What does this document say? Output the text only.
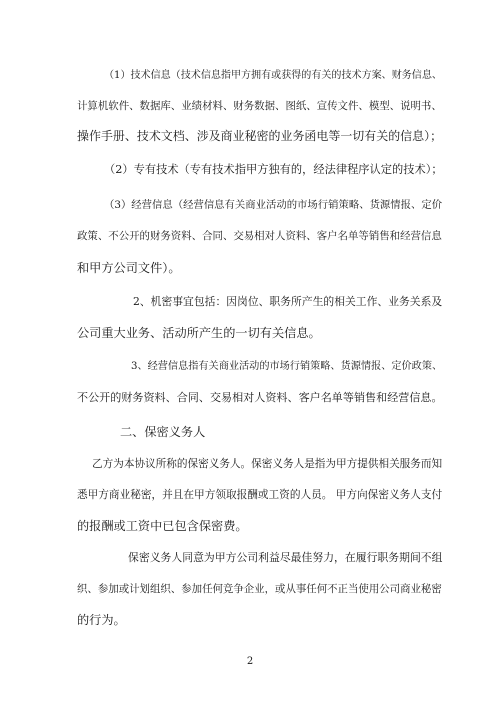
（1）技术信息（技术信息指甲方拥有或获得的有关的技术方案、财务信息、
计算机软件、数据库、业绩材料、财务数据、图纸、宣传文件、模型、说明书、
操作手册、技术文档、涉及商业秘密的业务函电等一切有关的信息）；
（2）专有技术（专有技术指甲方独有的，经法律程序认定的技术）；
（3）经营信息（经营信息有关商业活动的市场行销策略、货源情报、定价
政策、不公开的财务资料、合同、交易相对人资料、客户名单等销售和经营信息
和甲方公司文件）。
2、机密事宜包括：因岗位、职务所产生的相关工作、业务关系及
公司重大业务、活动所产生的一切有关信息。
3、经营信息指有关商业活动的市场行销策略、货源情报、定价政策、
不公开的财务资料、合同、交易相对人资料、客户名单等销售和经营信息。
二、保密义务人
乙方为本协议所称的保密义务人。保密义务人是指为甲方提供相关服务而知
悉甲方商业秘密，并且在甲方领取报酬或工资的人员。 甲方向保密义务人支付
的报酬或工资中已包含保密费。
保密义务人同意为甲方公司利益尽最佳努力，在履行职务期间不组
织、参加或计划组织、参加任何竞争企业，或从事任何不正当使用公司商业秘密
的行为。
2
